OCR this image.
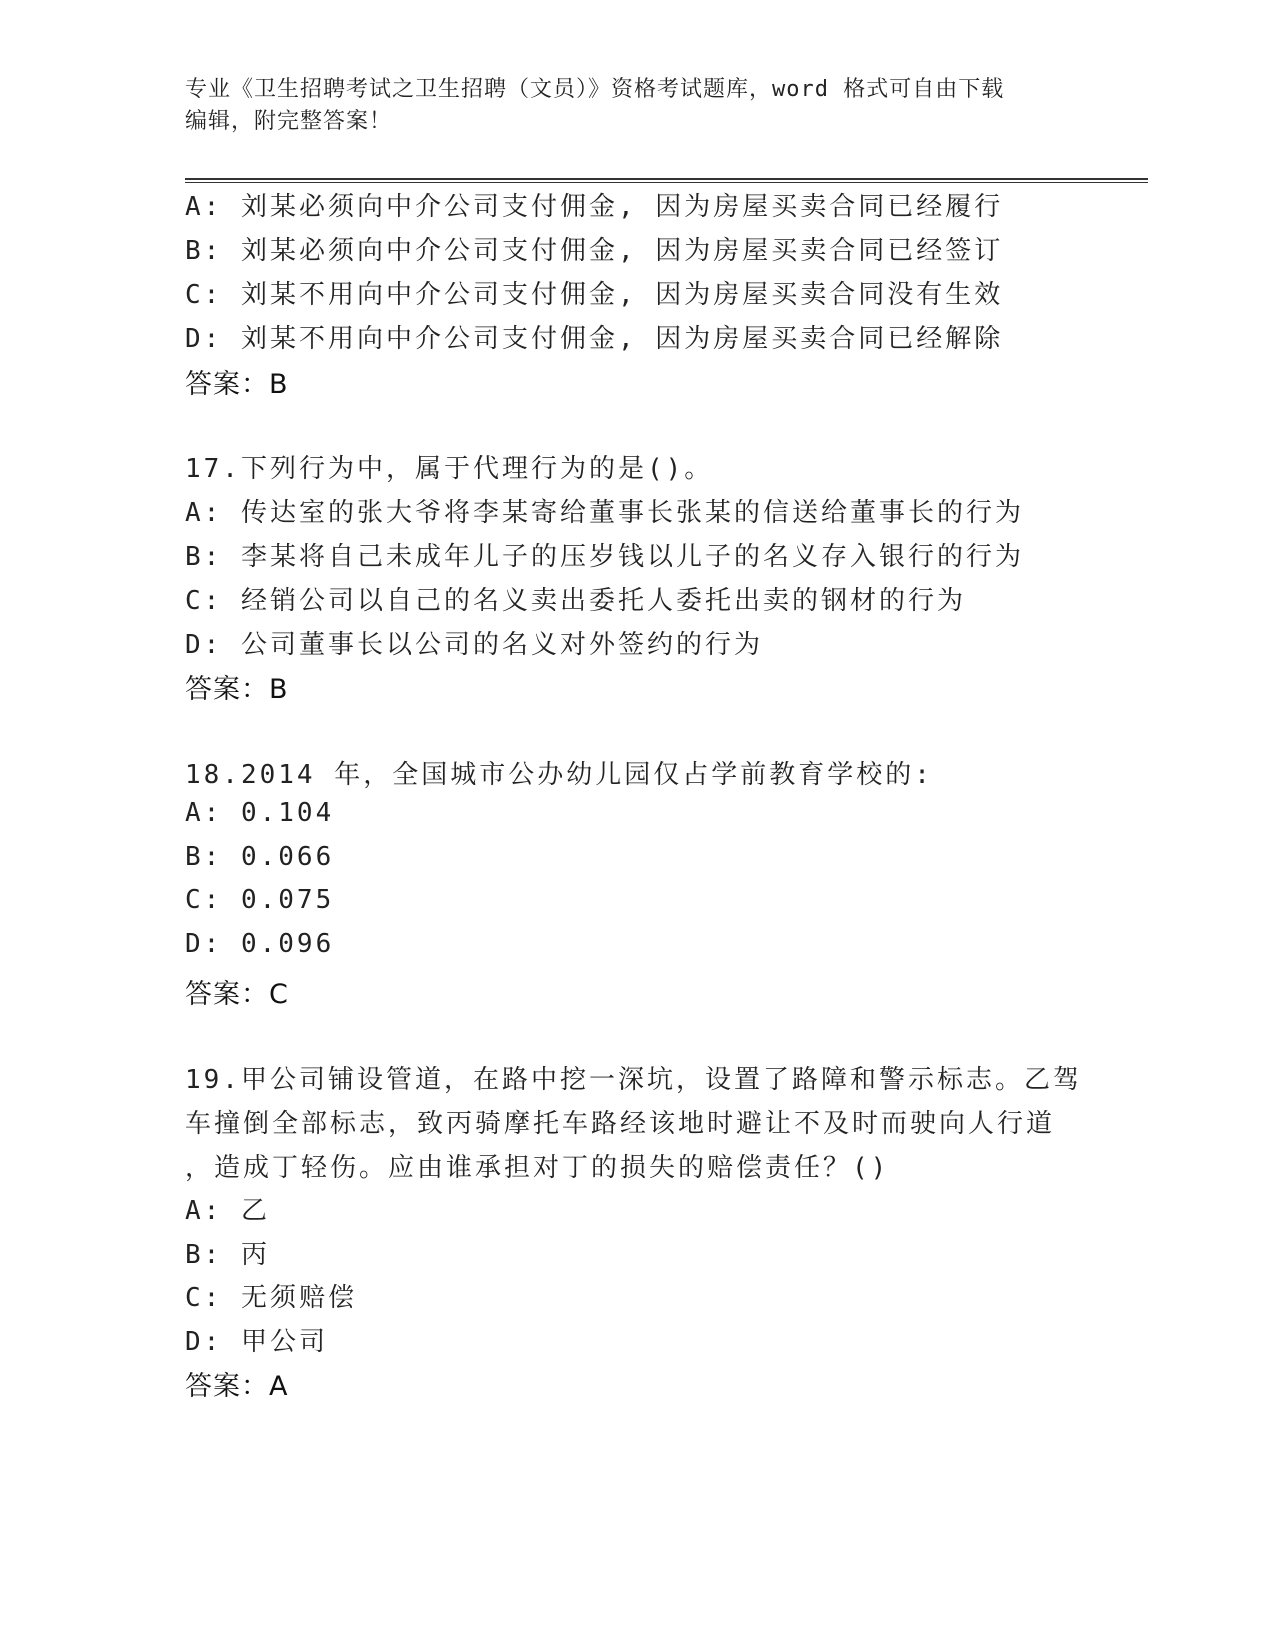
专业《卫生招聘考试之卫生招聘（文员）》资格考试题库，word 格式可自由下载
编辑，附完整答案！
A: 刘某必须向中介公司支付佣金, 因为房屋买卖合同已经履行
B: 刘某必须向中介公司支付佣金, 因为房屋买卖合同已经签订
C: 刘某不用向中介公司支付佣金, 因为房屋买卖合同没有生效
D: 刘某不用向中介公司支付佣金, 因为房屋买卖合同已经解除
答案：B
17.下列行为中，属于代理行为的是()。
A: 传达室的张大爷将李某寄给董事长张某的信送给董事长的行为
B: 李某将自己未成年儿子的压岁钱以儿子的名义存入银行的行为
C: 经销公司以自己的名义卖出委托人委托出卖的钢材的行为
D: 公司董事长以公司的名义对外签约的行为
答案：B
18.2014 年，全国城市公办幼儿园仅占学前教育学校的:
A: 0.104
B: 0.066
C: 0.075
D: 0.096
答案：C
19.甲公司铺设管道，在路中挖一深坑，设置了路障和警示标志。乙驾
车撞倒全部标志，致丙骑摩托车路经该地时避让不及时而驶向人行道
，造成丁轻伤。应由谁承担对丁的损失的赔偿责任？()
A: 乙
B: 丙
C: 无须赔偿
D: 甲公司
答案：A
